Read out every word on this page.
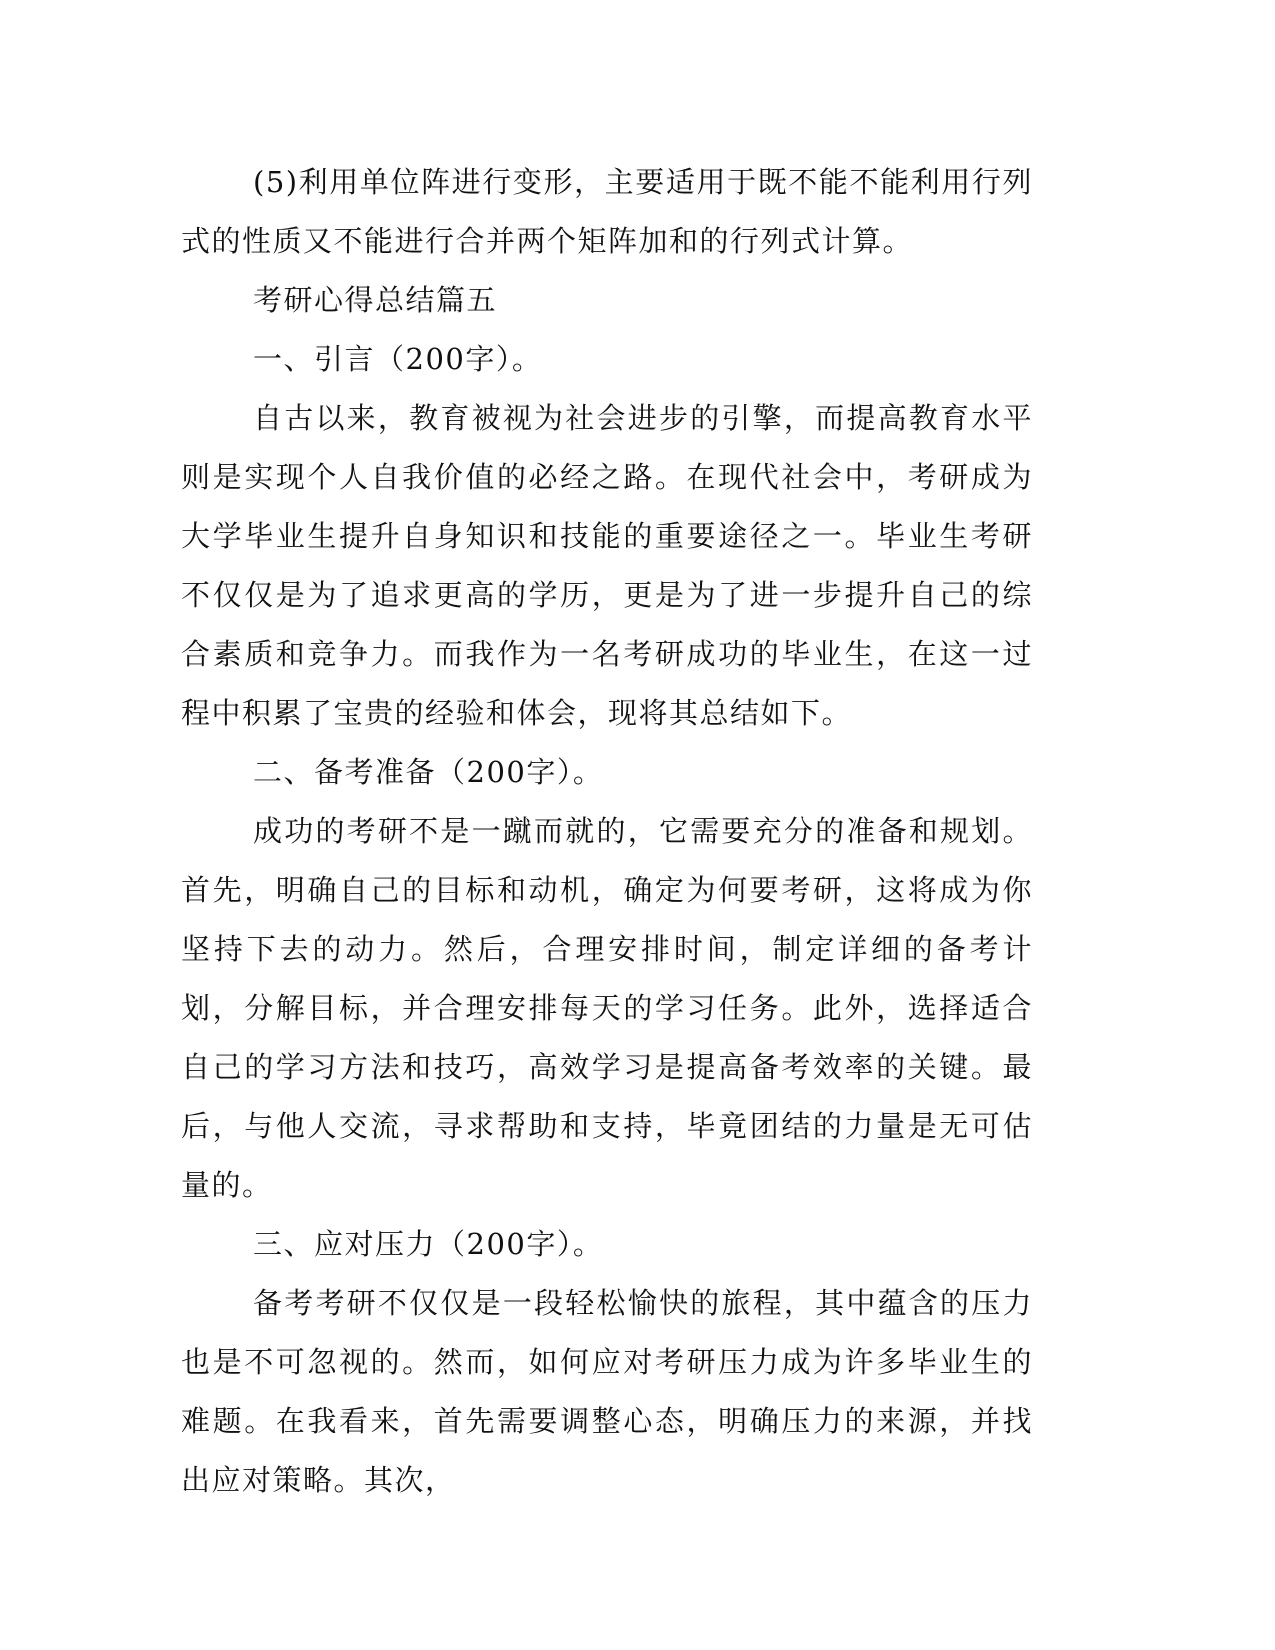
(5)利用单位阵进行变形，主要适用于既不能不能利用行列式的性质又不能进行合并两个矩阵加和的行列式计算。

考研心得总结篇五

一、引言（200字）。

自古以来，教育被视为社会进步的引擎，而提高教育水平则是实现个人自我价值的必经之路。在现代社会中，考研成为大学毕业生提升自身知识和技能的重要途径之一。毕业生考研不仅仅是为了追求更高的学历，更是为了进一步提升自己的综合素质和竞争力。而我作为一名考研成功的毕业生，在这一过程中积累了宝贵的经验和体会，现将其总结如下。

二、备考准备（200字）。

成功的考研不是一蹴而就的，它需要充分的准备和规划。首先，明确自己的目标和动机，确定为何要考研，这将成为你坚持下去的动力。然后，合理安排时间，制定详细的备考计划，分解目标，并合理安排每天的学习任务。此外，选择适合自己的学习方法和技巧，高效学习是提高备考效率的关键。最后，与他人交流，寻求帮助和支持，毕竟团结的力量是无可估量的。

三、应对压力（200字）。

备考考研不仅仅是一段轻松愉快的旅程，其中蕴含的压力也是不可忽视的。然而，如何应对考研压力成为许多毕业生的难题。在我看来，首先需要调整心态，明确压力的来源，并找出应对策略。其次，
